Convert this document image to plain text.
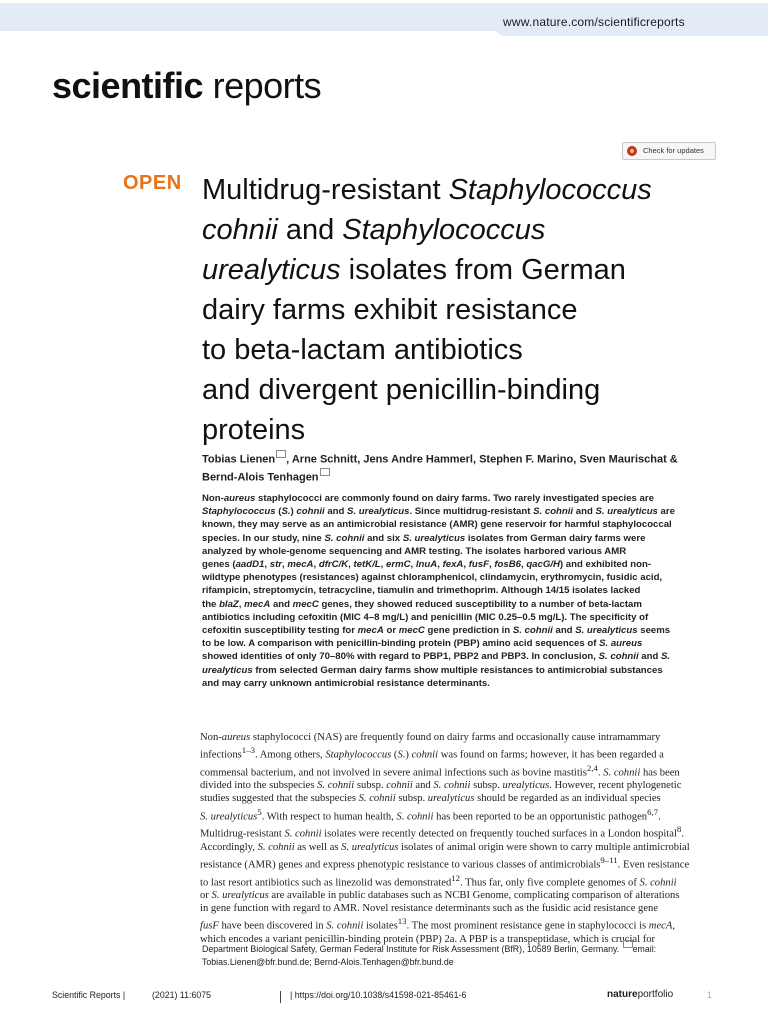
www.nature.com/scientificreports
scientific reports
Check for updates
OPEN Multidrug-resistant Staphylococcus
cohnii and Staphylococcus
urealyticus isolates from German
dairy farms exhibit resistance
to beta-lactam antibiotics
and divergent penicillin-binding
proteins
Tobias Lienen , Arne Schnitt, Jens Andre Hammerl, Stephen F. Marino, Sven Maurischat &
Bernd-Alois Tenhagen
Non-aureus staphylococci are commonly found on dairy farms. Two rarely investigated species are
Staphylococcus (S.) cohnii and S. urealyticus. Since multidrug-resistant S. cohnii and S. urealyticus are
known, they may serve as an antimicrobial resistance (AMR) gene reservoir for harmful staphylococcal
species. In our study, nine S. cohnii and six S. urealyticus isolates from German dairy farms were
analyzed by whole-genome sequencing and AMR testing. The isolates harbored various AMR
genes (aadD1, str, mecA, dfrC/K, tetK/L, ermC, lnuA, fexA, fusF, fosB6, qacG/H) and exhibited non-
wildtype phenotypes (resistances) against chloramphenicol, clindamycin, erythromycin, fusidic acid,
rifampicin, streptomycin, tetracycline, tiamulin and trimethoprim. Although 14/15 isolates lacked
the blaZ, mecA and mecC genes, they showed reduced susceptibility to a number of beta-lactam
antibiotics including cefoxitin (MIC 4–8 mg/L) and penicillin (MIC 0.25–0.5 mg/L). The specificity of
cefoxitin susceptibility testing for mecA or mecC gene prediction in S. cohnii and S. urealyticus seems
to be low. A comparison with penicillin-binding protein (PBP) amino acid sequences of S. aureus
showed identities of only 70–80% with regard to PBP1, PBP2 and PBP3. In conclusion, S. cohnii and S.
urealyticus from selected German dairy farms show multiple resistances to antimicrobial substances
and may carry unknown antimicrobial resistance determinants.
Non-aureus staphylococci (NAS) are frequently found on dairy farms and occasionally cause intramammary
infections$^{1-3}$. Among others, Staphylococcus (S.) cohnii was found on farms; however, it has been regarded a
commensal bacterium, and not involved in severe animal infections such as bovine mastitis$^{2,4}$. S. cohnii has been
divided into the subspecies S. cohnii subsp. cohnii and S. cohnii subsp. urealyticus. However, recent phylogenetic
studies suggested that the subspecies S. cohnii subsp. urealyticus should be regarded as an individual species
S. urealyticus$^5$. With respect to human health, S. cohnii has been reported to be an opportunistic pathogen$^{6,7}$.
Multidrug-resistant S. cohnii isolates were recently detected on frequently touched surfaces in a London hospital$^8$.
Accordingly, S. cohnii as well as S. urealyticus isolates of animal origin were shown to carry multiple antimicrobial
resistance (AMR) genes and express phenotypic resistance to various classes of antimicrobials$^{9-11}$. Even resistance
to last resort antibiotics such as linezolid was demonstrated$^{12}$. Thus far, only five complete genomes of S. cohnii
or S. urealyticus are available in public databases such as NCBI Genome, complicating comparison of alterations
in gene function with regard to AMR. Novel resistance determinants such as the fusidic acid resistance gene
fusF have been discovered in S. cohnii isolates$^{13}$. The most prominent resistance gene in staphylococci is mecA,
which encodes a variant penicillin-binding protein (PBP) 2a. A PBP is a transpeptidase, which is crucial for
Department Biological Safety, German Federal Institute for Risk Assessment (BfR), 10589 Berlin, Germany. email:
Tobias.Lienen@bfr.bund.de; Bernd-Alois.Tenhagen@bfr.bund.de
Scientific Reports |	(2021) 11:6075	| https://doi.org/10.1038/s41598-021-85461-6	natureportfolio	1
